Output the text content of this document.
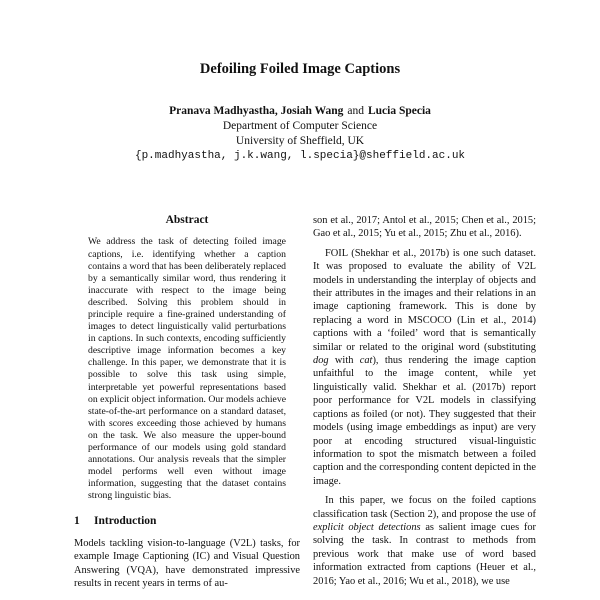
Defoiling Foiled Image Captions
Pranava Madhyastha, Josiah Wang and Lucia Specia
Department of Computer Science
University of Sheffield, UK
{p.madhyastha, j.k.wang, l.specia}@sheffield.ac.uk
Abstract
We address the task of detecting foiled image captions, i.e. identifying whether a caption contains a word that has been deliberately replaced by a semantically similar word, thus rendering it inaccurate with respect to the image being described. Solving this problem should in principle require a fine-grained understanding of images to detect linguistically valid perturbations in captions. In such contexts, encoding sufficiently descriptive image information becomes a key challenge. In this paper, we demonstrate that it is possible to solve this task using simple, interpretable yet powerful representations based on explicit object information. Our models achieve state-of-the-art performance on a standard dataset, with scores exceeding those achieved by humans on the task. We also measure the upper-bound performance of our models using gold standard annotations. Our analysis reveals that the simpler model performs well even without image information, suggesting that the dataset contains strong linguistic bias.
1 Introduction

Models tackling vision-to-language (V2L) tasks, for example Image Captioning (IC) and Visual Question Answering (VQA), have demonstrated impressive results in recent years in terms of au-

son et al., 2017; Antol et al., 2015; Chen et al., 2015; Gao et al., 2015; Yu et al., 2015; Zhu et al., 2016).

FOIL (Shekhar et al., 2017b) is one such dataset. It was proposed to evaluate the ability of V2L models in understanding the interplay of objects and their attributes in the images and their relations in an image captioning framework. This is done by replacing a word in MSCOCO (Lin et al., 2014) captions with a ‘foiled’ word that is semantically similar or related to the original word (substituting dog with cat), thus rendering the image caption unfaithful to the image content, while yet linguistically valid. Shekhar et al. (2017b) report poor performance for V2L models in classifying captions as foiled (or not). They suggested that their models (using image embeddings as input) are very poor at encoding structured visual-linguistic information to spot the mismatch between a foiled caption and the corresponding content depicted in the image.

In this paper, we focus on the foiled captions classification task (Section 2), and propose the use of explicit object detections as salient image cues for solving the task. In contrast to methods from previous work that make use of word based information extracted from captions (Heuer et al., 2016; Yao et al., 2016; Wu et al., 2018), we use
